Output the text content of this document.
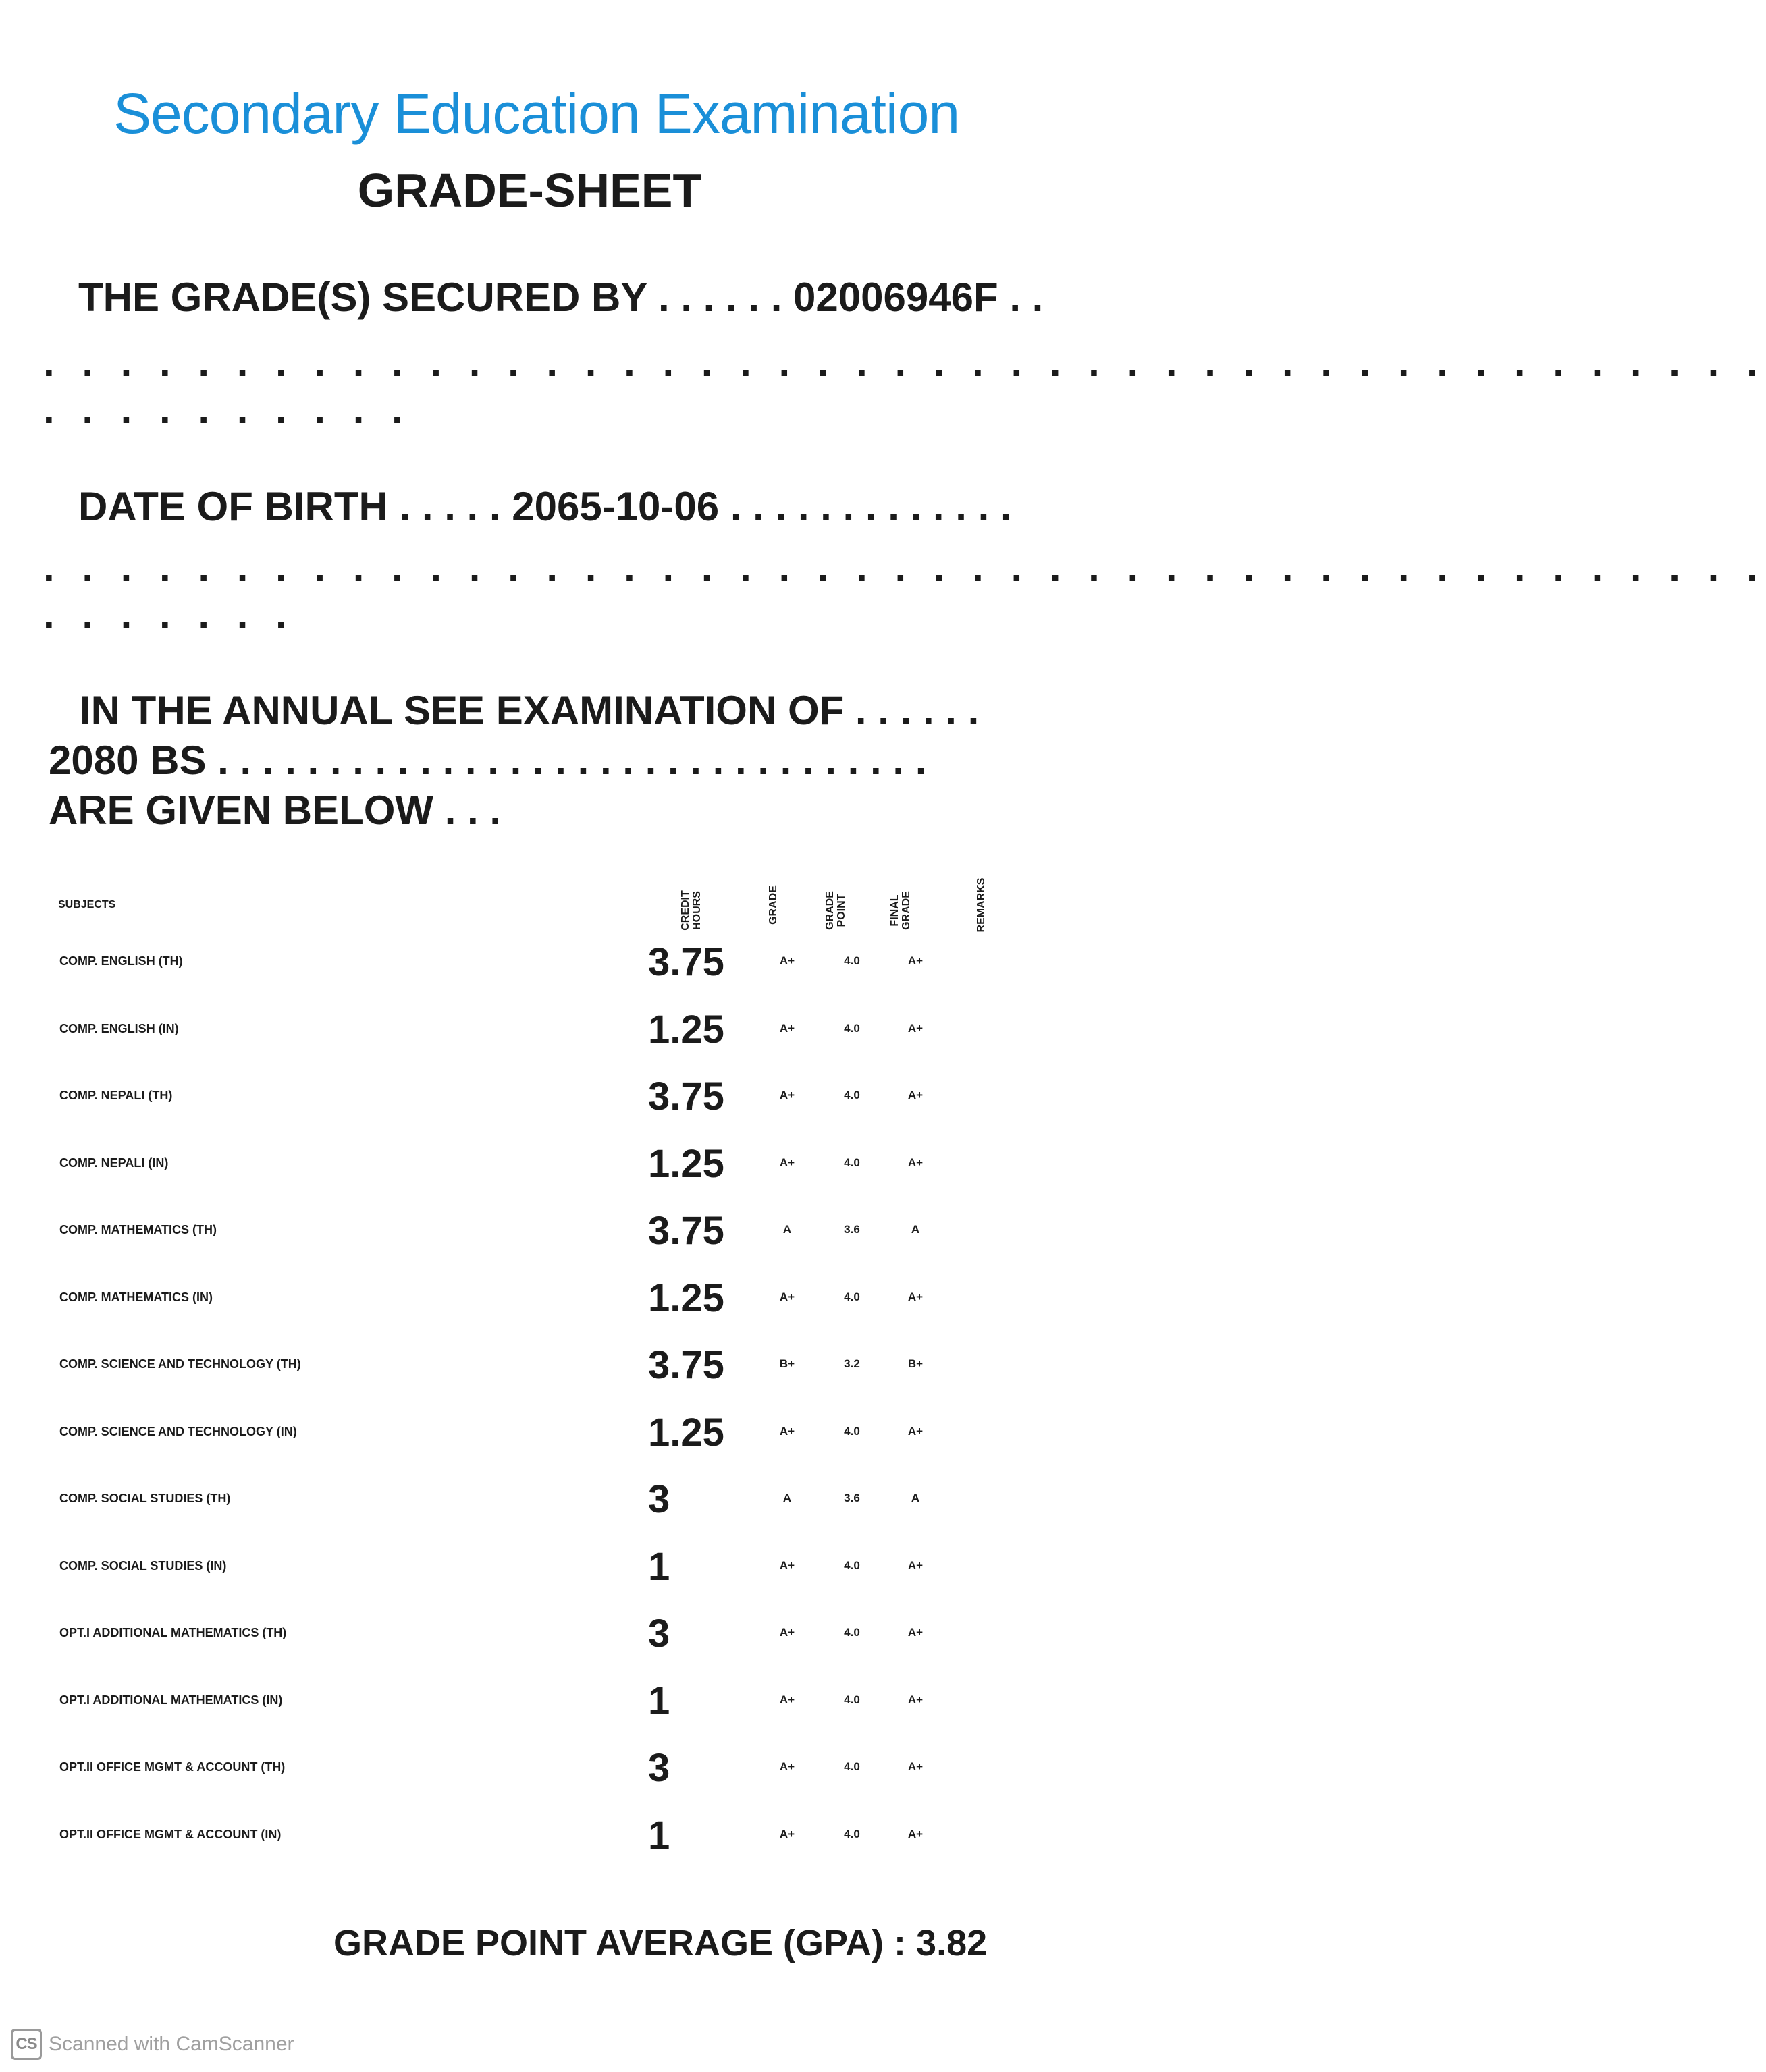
Secondary Education Examination
GRADE-SHEET
THE GRADE(S) SECURED BY . . . . . . 02006946F . .
. . . . . . . . . . . . . . . . . . . . . . . . . . . . . . . . . . . . . . . . . . . . .
. . . . . . . . . .
DATE OF BIRTH . . . . . 2065-10-06 . . . . . . . . . . . . .
. . . . . . . . . . . . . . . . . . . . . . . . . . . . . . . . . . . . . . . . . . . . .
. . . . . . .
IN THE ANNUAL SEE EXAMINATION OF . . . . . .
2080 BS . . . . . . . . . . . . . . . . . . . . . . . . . . . . . . . .
ARE GIVEN BELOW . . .
SUBJECTS	CREDIT HOURS	GRADE	GRADE POINT	FINAL GRADE	REMARKS
COMP. ENGLISH (TH)	3.75	A+	4.0	A+
COMP. ENGLISH (IN)	1.25	A+	4.0	A+
COMP. NEPALI (TH)	3.75	A+	4.0	A+
COMP. NEPALI (IN)	1.25	A+	4.0	A+
COMP. MATHEMATICS (TH)	3.75	A	3.6	A
COMP. MATHEMATICS (IN)	1.25	A+	4.0	A+
COMP. SCIENCE AND TECHNOLOGY (TH)	3.75	B+	3.2	B+
COMP. SCIENCE AND TECHNOLOGY (IN)	1.25	A+	4.0	A+
COMP. SOCIAL STUDIES (TH)	3	A	3.6	A
COMP. SOCIAL STUDIES (IN)	1	A+	4.0	A+
OPT.I ADDITIONAL MATHEMATICS (TH)	3	A+	4.0	A+
OPT.I ADDITIONAL MATHEMATICS (IN)	1	A+	4.0	A+
OPT.II OFFICE MGMT & ACCOUNT (TH)	3	A+	4.0	A+
OPT.II OFFICE MGMT & ACCOUNT (IN)	1	A+	4.0	A+
GRADE POINT AVERAGE (GPA) : 3.82
CS Scanned with CamScanner
